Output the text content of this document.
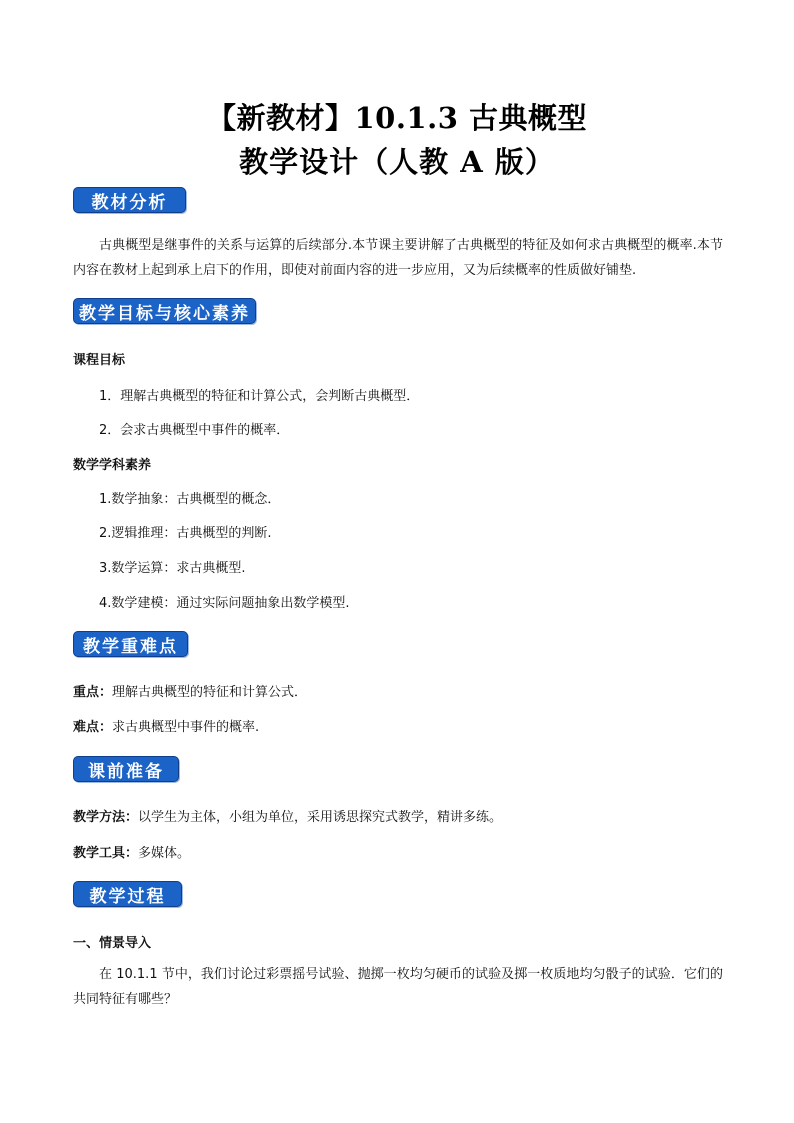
【新教材】10.1.3 古典概型
教学设计（人教 A 版）
教材分析
古典概型是继事件的关系与运算的后续部分.本节课主要讲解了古典概型的特征及如何求古典概型的概率.本节内容在教材上起到承上启下的作用，即使对前面内容的进一步应用，又为后续概率的性质做好铺垫.
教学目标与核心素养
课程目标
1．理解古典概型的特征和计算公式，会判断古典概型．
2．会求古典概型中事件的概率．
数学学科素养
1.数学抽象：古典概型的概念．
2.逻辑推理：古典概型的判断.
3.数学运算：求古典概型.
4.数学建模：通过实际问题抽象出数学模型.
教学重难点
重点：理解古典概型的特征和计算公式．
难点：求古典概型中事件的概率.
课前准备
教学方法：以学生为主体，小组为单位，采用诱思探究式教学，精讲多练。
教学工具：多媒体。
教学过程
一、情景导入
在 10.1.1 节中，我们讨论过彩票摇号试验、抛掷一枚均匀硬币的试验及掷一枚质地均匀骰子的试验．它们的共同特征有哪些？
